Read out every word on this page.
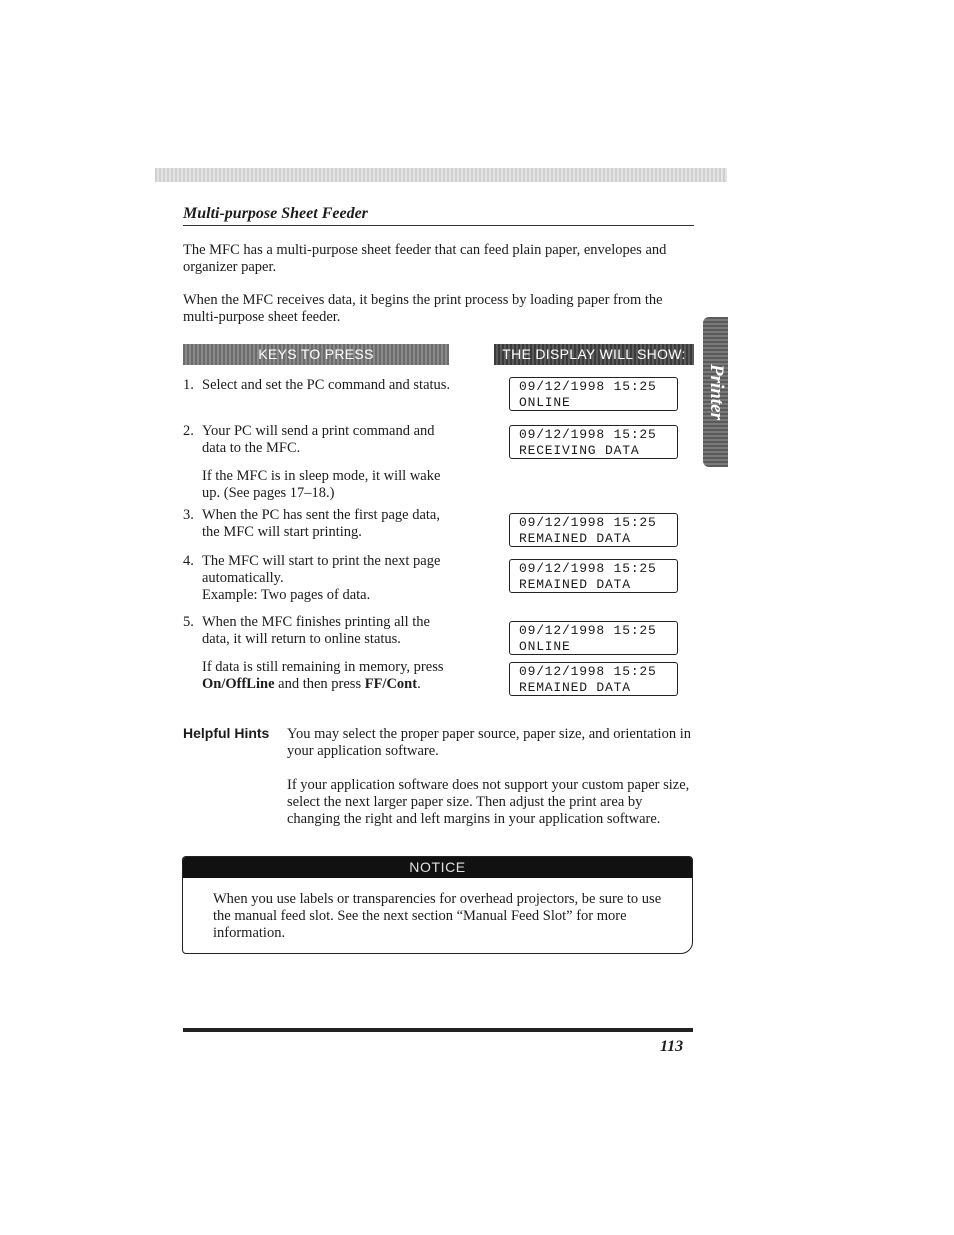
Multi-purpose Sheet Feeder
The MFC has a multi-purpose sheet feeder that can feed plain paper, envelopes and organizer paper.
When the MFC receives data, it begins the print process by loading paper from the multi-purpose sheet feeder.
KEYS TO PRESS	THE DISPLAY WILL SHOW:
Printer
1. Select and set the PC command and status.
2. Your PC will send a print command and data to the MFC.
If the MFC is in sleep mode, it will wake up. (See pages 17–18.)
3. When the PC has sent the first page data, the MFC will start printing.
4. The MFC will start to print the next page automatically.
Example: Two pages of data.
5. When the MFC finishes printing all the data, it will return to online status.
If data is still remaining in memory, press On/OffLine and then press FF/Cont.
09/12/1998 15:25
ONLINE
09/12/1998 15:25
RECEIVING DATA
09/12/1998 15:25
REMAINED DATA
09/12/1998 15:25
REMAINED DATA
09/12/1998 15:25
ONLINE
09/12/1998 15:25
REMAINED DATA
Helpful Hints You may select the proper paper source, paper size, and orientation in your application software.
If your application software does not support your custom paper size, select the next larger paper size. Then adjust the print area by changing the right and left margins in your application software.
NOTICE
When you use labels or transparencies for overhead projectors, be sure to use the manual feed slot. See the next section “Manual Feed Slot” for more information.
113
